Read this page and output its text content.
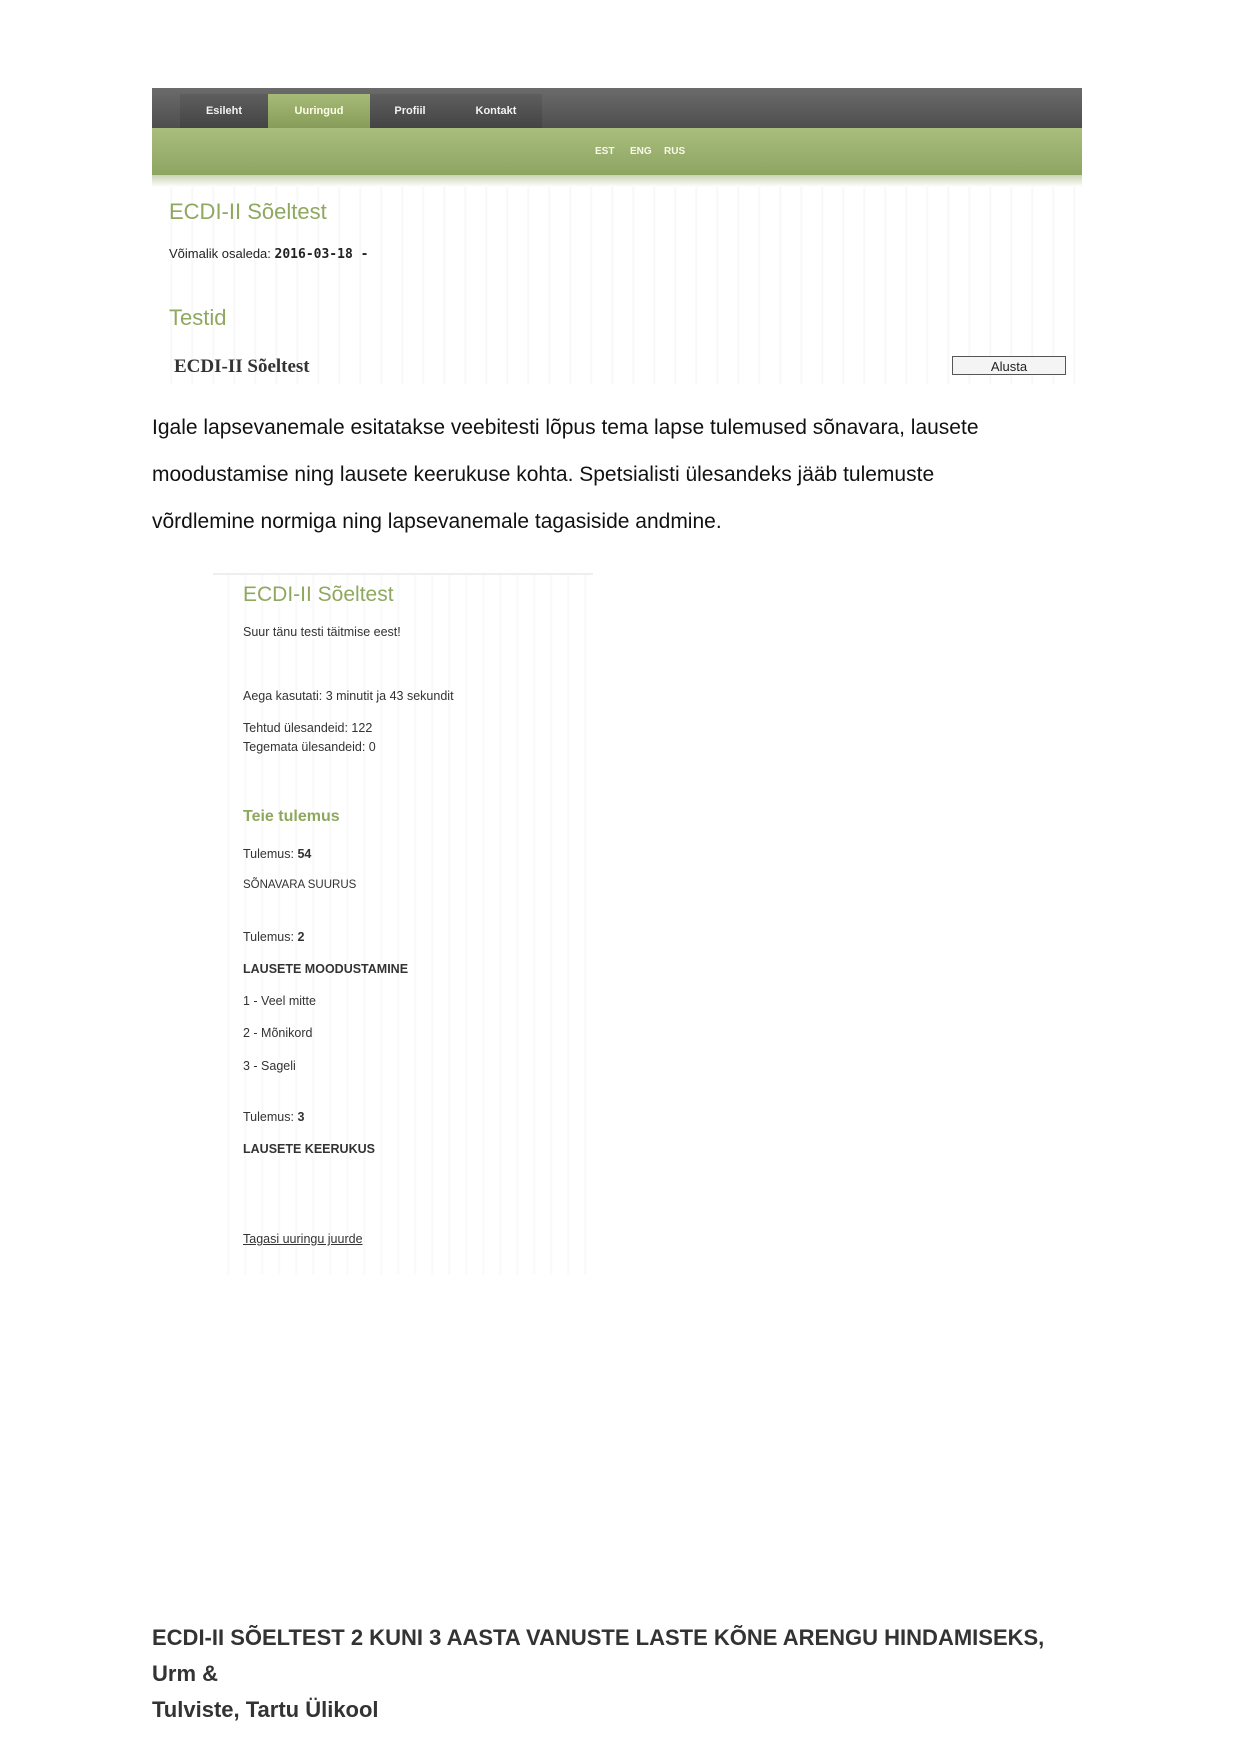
Esileht	Uuringud	Profiil	Kontakt
EST ENG RUS
ECDI-II Sõeltest
Võimalik osaleda: 2016-03-18 -
Testid
ECDI-II Sõeltest	Alusta
Igale lapsevanemale esitatakse veebitesti lõpus tema lapse tulemused sõnavara, lausete
moodustamise ning lausete keerukuse kohta. Spetsialisti ülesandeks jääb tulemuste
võrdlemine normiga ning lapsevanemale tagasiside andmine.
ECDI-II Sõeltest
Suur tänu testi täitmise eest!
Aega kasutati: 3 minutit ja 43 sekundit
Tehtud ülesandeid: 122
Tegemata ülesandeid: 0
Teie tulemus
Tulemus: 54
SÕNAVARA SUURUS
Tulemus: 2
LAUSETE MOODUSTAMINE
1 - Veel mitte
2 - Mõnikord
3 - Sageli
Tulemus: 3
LAUSETE KEERUKUS
Tagasi uuringu juurde
ECDI-II SÕELTEST 2 KUNI 3 AASTA VANUSTE LASTE KÕNE ARENGU HINDAMISEKS, Urm &
Tulviste, Tartu Ülikool
